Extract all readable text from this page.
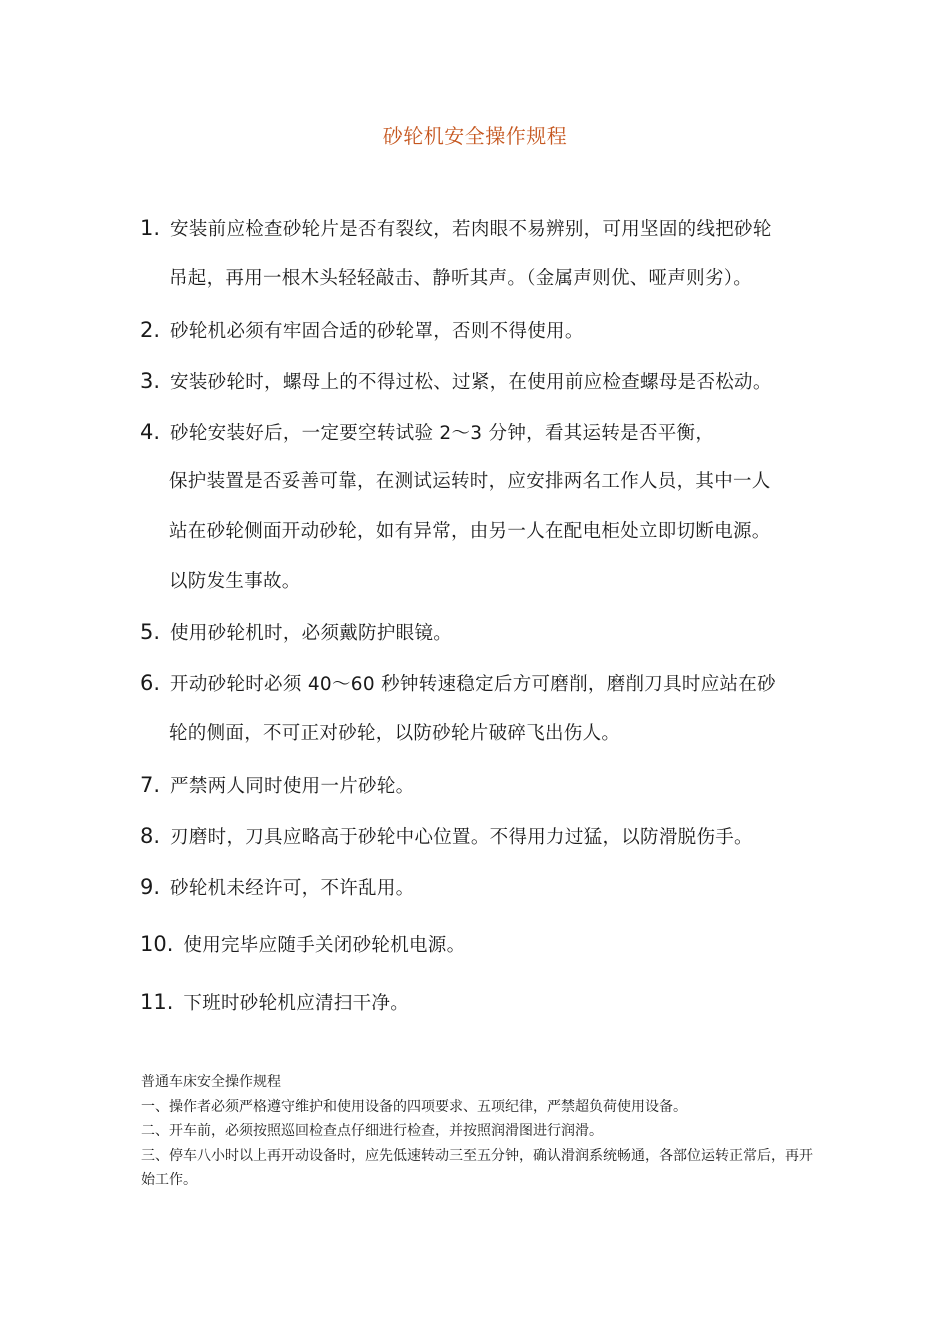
砂轮机安全操作规程
1. 安装前应检查砂轮片是否有裂纹，若肉眼不易辨别，可用坚固的线把砂轮
吊起，再用一根木头轻轻敲击、静听其声。（金属声则优、哑声则劣）。
2. 砂轮机必须有牢固合适的砂轮罩，否则不得使用。
3. 安装砂轮时，螺母上的不得过松、过紧，在使用前应检查螺母是否松动。
4. 砂轮安装好后，一定要空转试验 2〜3 分钟，看其运转是否平衡，
保护装置是否妥善可靠，在测试运转时，应安排两名工作人员，其中一人
站在砂轮侧面开动砂轮，如有异常，由另一人在配电柜处立即切断电源。
以防发生事故。
5. 使用砂轮机时，必须戴防护眼镜。
6. 开动砂轮时必须 40〜60 秒钟转速稳定后方可磨削，磨削刀具时应站在砂
轮的侧面，不可正对砂轮，以防砂轮片破碎飞出伤人。
7. 严禁两人同时使用一片砂轮。
8. 刃磨时，刀具应略高于砂轮中心位置。不得用力过猛，以防滑脱伤手。
9. 砂轮机未经许可，不许乱用。
10. 使用完毕应随手关闭砂轮机电源。
11. 下班时砂轮机应清扫干净。
普通车床安全操作规程
一、操作者必须严格遵守维护和使用设备的四项要求、五项纪律，严禁超负荷使用设备。
二、开车前，必须按照巡回检查点仔细进行检查，并按照润滑图进行润滑。
三、停车八小时以上再开动设备时，应先低速转动三至五分钟，确认滑润系统畅通，各部位运转正常后，再开始工作。
